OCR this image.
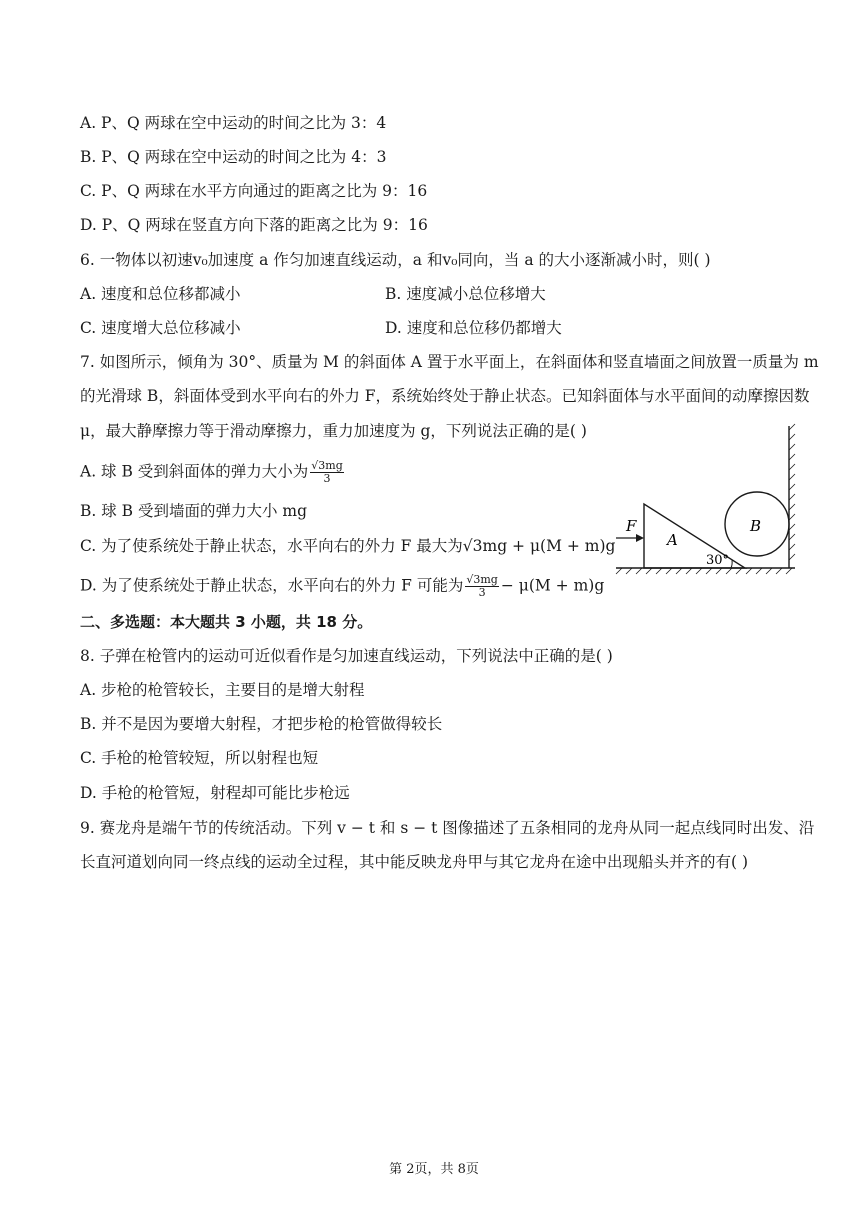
A. P、Q 两球在空中运动的时间之比为 3：4
B. P、Q 两球在空中运动的时间之比为 4：3
C. P、Q 两球在水平方向通过的距离之比为 9：16
D. P、Q 两球在竖直方向下落的距离之比为 9：16
6. 一物体以初速v₀加速度 a 作匀加速直线运动，a 和v₀同向，当 a 的大小逐渐减小时，则( )
A. 速度和总位移都减小	B. 速度减小总位移增大
C. 速度增大总位移减小	D. 速度和总位移仍都增大
7. 如图所示，倾角为 30°、质量为 M 的斜面体 A 置于水平面上，在斜面体和竖直墙面之间放置一质量为 m
的光滑球 B，斜面体受到水平向右的外力 F，系统始终处于静止状态。已知斜面体与水平面间的动摩擦因数
μ，最大静摩擦力等于滑动摩擦力，重力加速度为 g，下列说法正确的是( )
A. 球 B 受到斜面体的弹力大小为 $\frac{√3mg}{3}$
B. 球 B 受到墙面的弹力大小 mg
C. 为了使系统处于静止状态，水平向右的外力 F 最大为√3mg + μ(M + m)g
D. 为了使系统处于静止状态，水平向右的外力 F 可能为 $\frac{√3mg}{3} - \mu(M + m)g$
F
A
B
30°
二、多选题：本大题共 3 小题，共 18 分。
8. 子弹在枪管内的运动可近似看作是匀加速直线运动，下列说法中正确的是( )
A. 步枪的枪管较长，主要目的是增大射程
B. 并不是因为要增大射程，才把步枪的枪管做得较长
C. 手枪的枪管较短，所以射程也短
D. 手枪的枪管短，射程却可能比步枪远
9. 赛龙舟是端午节的传统活动。下列 v − t 和 s − t 图像描述了五条相同的龙舟从同一起点线同时出发、沿
长直河道划向同一终点线的运动全过程，其中能反映龙舟甲与其它龙舟在途中出现船头并齐的有( )
第 2页，共 8页
